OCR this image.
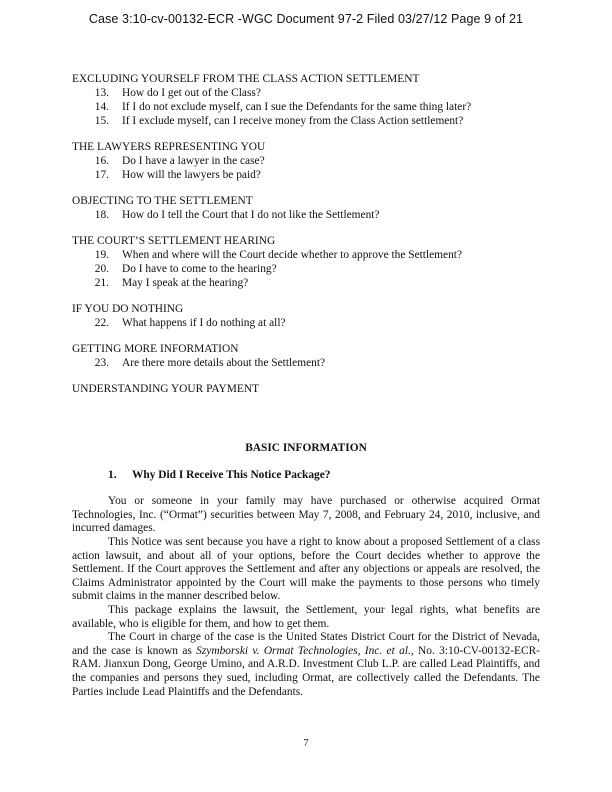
Case 3:10-cv-00132-ECR -WGC Document 97-2 Filed 03/27/12 Page 9 of 21
EXCLUDING YOURSELF FROM THE CLASS ACTION SETTLEMENT
13.	How do I get out of the Class?
14. If I do not exclude myself, can I sue the Defendants for the same thing later?
15. If I exclude myself, can I receive money from the Class Action settlement?
THE LAWYERS REPRESENTING YOU
16.	Do I have a lawyer in the case?
17.	How will the lawyers be paid?
OBJECTING TO THE SETTLEMENT
18.	How do I tell the Court that I do not like the Settlement?
THE COURT’S SETTLEMENT HEARING
19.	When and where will the Court decide whether to approve the Settlement?
20.	Do I have to come to the hearing?
21.	May I speak at the hearing?
IF YOU DO NOTHING
22.	What happens if I do nothing at all?
GETTING MORE INFORMATION
23.	Are there more details about the Settlement?
UNDERSTANDING YOUR PAYMENT
BASIC INFORMATION
1. Why Did I Receive This Notice Package?

You or someone in your family may have purchased or otherwise acquired Ormat Technologies, Inc. (“Ormat”) securities between May 7, 2008, and February 24, 2010, inclusive, and incurred damages.

This Notice was sent because you have a right to know about a proposed Settlement of a class action lawsuit, and about all of your options, before the Court decides whether to approve the Settlement. If the Court approves the Settlement and after any objections or appeals are resolved, the Claims Administrator appointed by the Court will make the payments to those persons who timely submit claims in the manner described below.

This package explains the lawsuit, the Settlement, your legal rights, what benefits are available, who is eligible for them, and how to get them.

The Court in charge of the case is the United States District Court for the District of Nevada, and the case is known as Szymborski v. Ormat Technologies, Inc. et al., No. 3:10-CV-00132-ECR-RAM. Jianxun Dong, George Umino, and A.R.D. Investment Club L.P. are called Lead Plaintiffs, and the companies and persons they sued, including Ormat, are collectively called the Defendants. The Parties include Lead Plaintiffs and the Defendants.

7
